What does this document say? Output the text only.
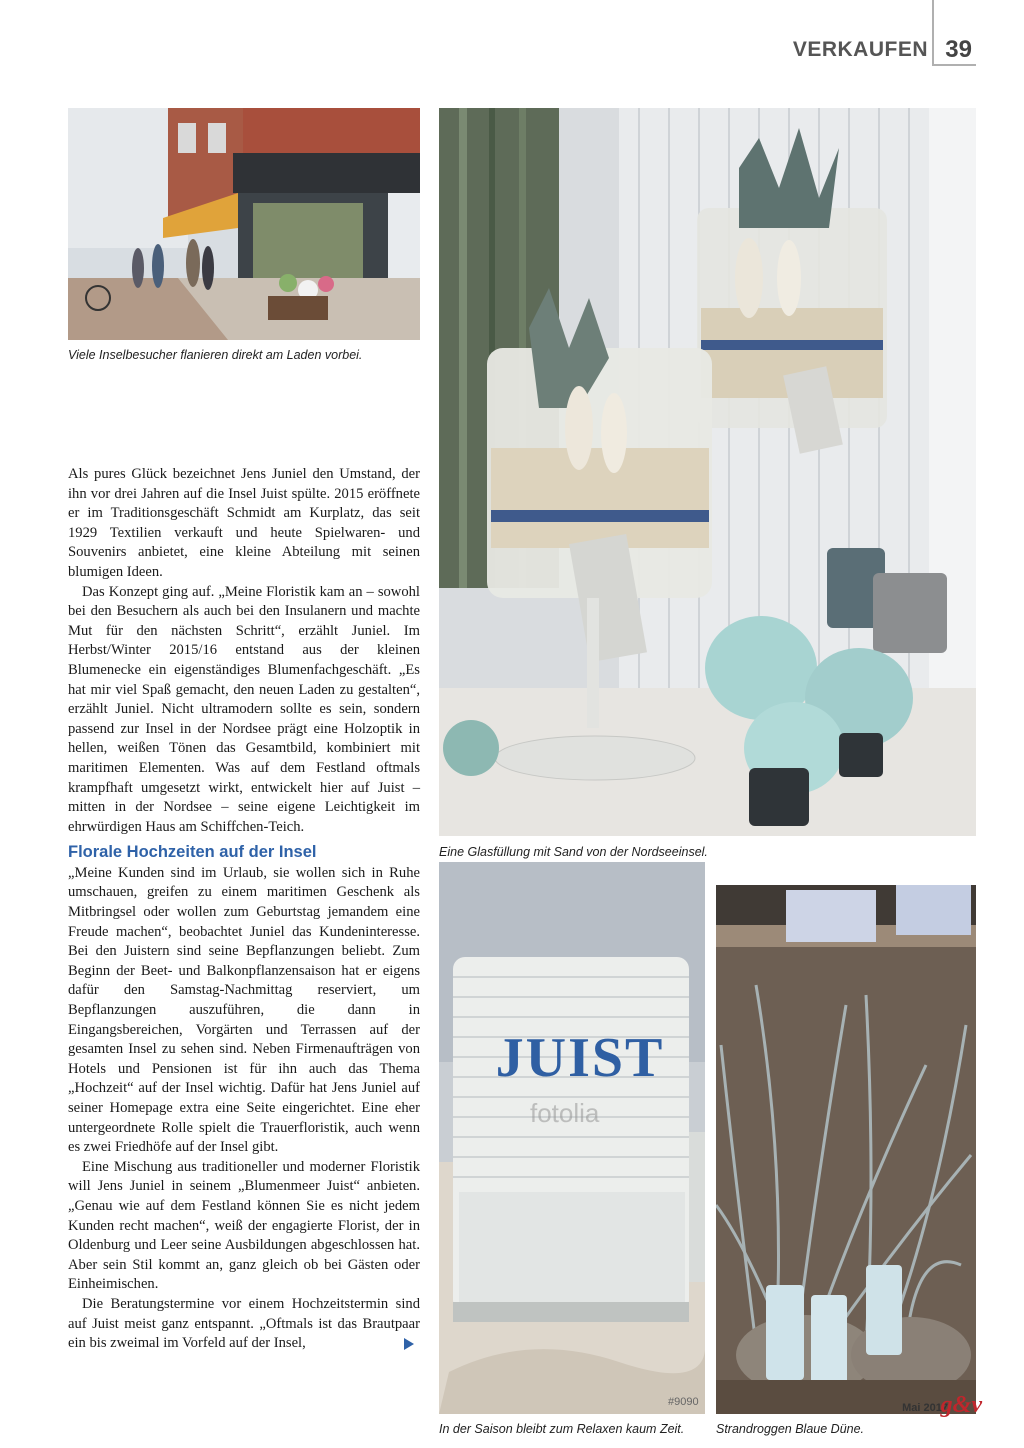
VERKAUFEN 39
Viele Inselbesucher flanieren direkt am Laden vorbei.
Eine Glasfüllung mit Sand von der Nordseeinsel.
JUIST
fotolia
#9090
In der Saison bleibt zum Relaxen kaum Zeit.	Strandroggen Blaue Düne.

Als pures Glück bezeichnet Jens Juniel den Umstand, der ihn vor drei Jahren auf die Insel Juist spülte. 2015 eröffnete er im Traditionsgeschäft Schmidt am Kurplatz, das seit 1929 Textilien verkauft und heute Spielwaren- und Souvenirs anbietet, eine kleine Abteilung mit seinen blumigen Ideen.

Das Konzept ging auf. „Meine Floristik kam an – sowohl bei den Besuchern als auch bei den Insulanern und machte Mut für den nächsten Schritt“, erzählt Juniel. Im Herbst/Winter 2015/16 entstand aus der kleinen Blumenecke ein eigenständiges Blumenfachgeschäft. „Es hat mir viel Spaß gemacht, den neuen Laden zu gestalten“, erzählt Juniel. Nicht ultramodern sollte es sein, sondern passend zur Insel in der Nordsee prägt eine Holzoptik in hellen, weißen Tönen das Gesamtbild, kombiniert mit maritimen Elementen. Was auf dem Festland oftmals krampfhaft umgesetzt wirkt, entwickelt hier auf Juist – mitten in der Nordsee – seine eigene Leichtigkeit im ehrwürdigen Haus am Schiffchen-Teich.

Florale Hochzeiten auf der Insel

„Meine Kunden sind im Urlaub, sie wollen sich in Ruhe umschauen, greifen zu einem maritimen Geschenk als Mitbringsel oder wollen zum Geburtstag jemandem eine Freude machen“, beobachtet Juniel das Kundeninteresse. Bei den Juistern sind seine Bepflanzungen beliebt. Zum Beginn der Beet- und Balkonpflanzensaison hat er eigens dafür den Samstag-Nachmittag reserviert, um Bepflanzungen auszuführen, die dann in Eingangsbereichen, Vorgärten und Terrassen auf der gesamten Insel zu sehen sind. Neben Firmenaufträgen von Hotels und Pensionen ist für ihn auch das Thema „Hochzeit“ auf der Insel wichtig. Dafür hat Jens Juniel auf seiner Homepage extra eine Seite eingerichtet. Eine eher untergeordnete Rolle spielt die Trauerfloristik, auch wenn es zwei Friedhöfe auf der Insel gibt.

Eine Mischung aus traditioneller und moderner Floristik will Jens Juniel in seinem „Blumenmeer Juist“ anbieten. „Genau wie auf dem Festland können Sie es nicht jedem Kunden recht machen“, weiß der engagierte Florist, der in Oldenburg und Leer seine Ausbildungen abgeschlossen hat. Aber sein Stil kommt an, ganz gleich ob bei Gästen oder Einheimischen.

Die Beratungstermine vor einem Hochzeitstermin sind auf Juist meist ganz entspannt. „Oftmals ist das Brautpaar ein bis zweimal im Vorfeld auf der Insel,

Mai 2017
g&v
